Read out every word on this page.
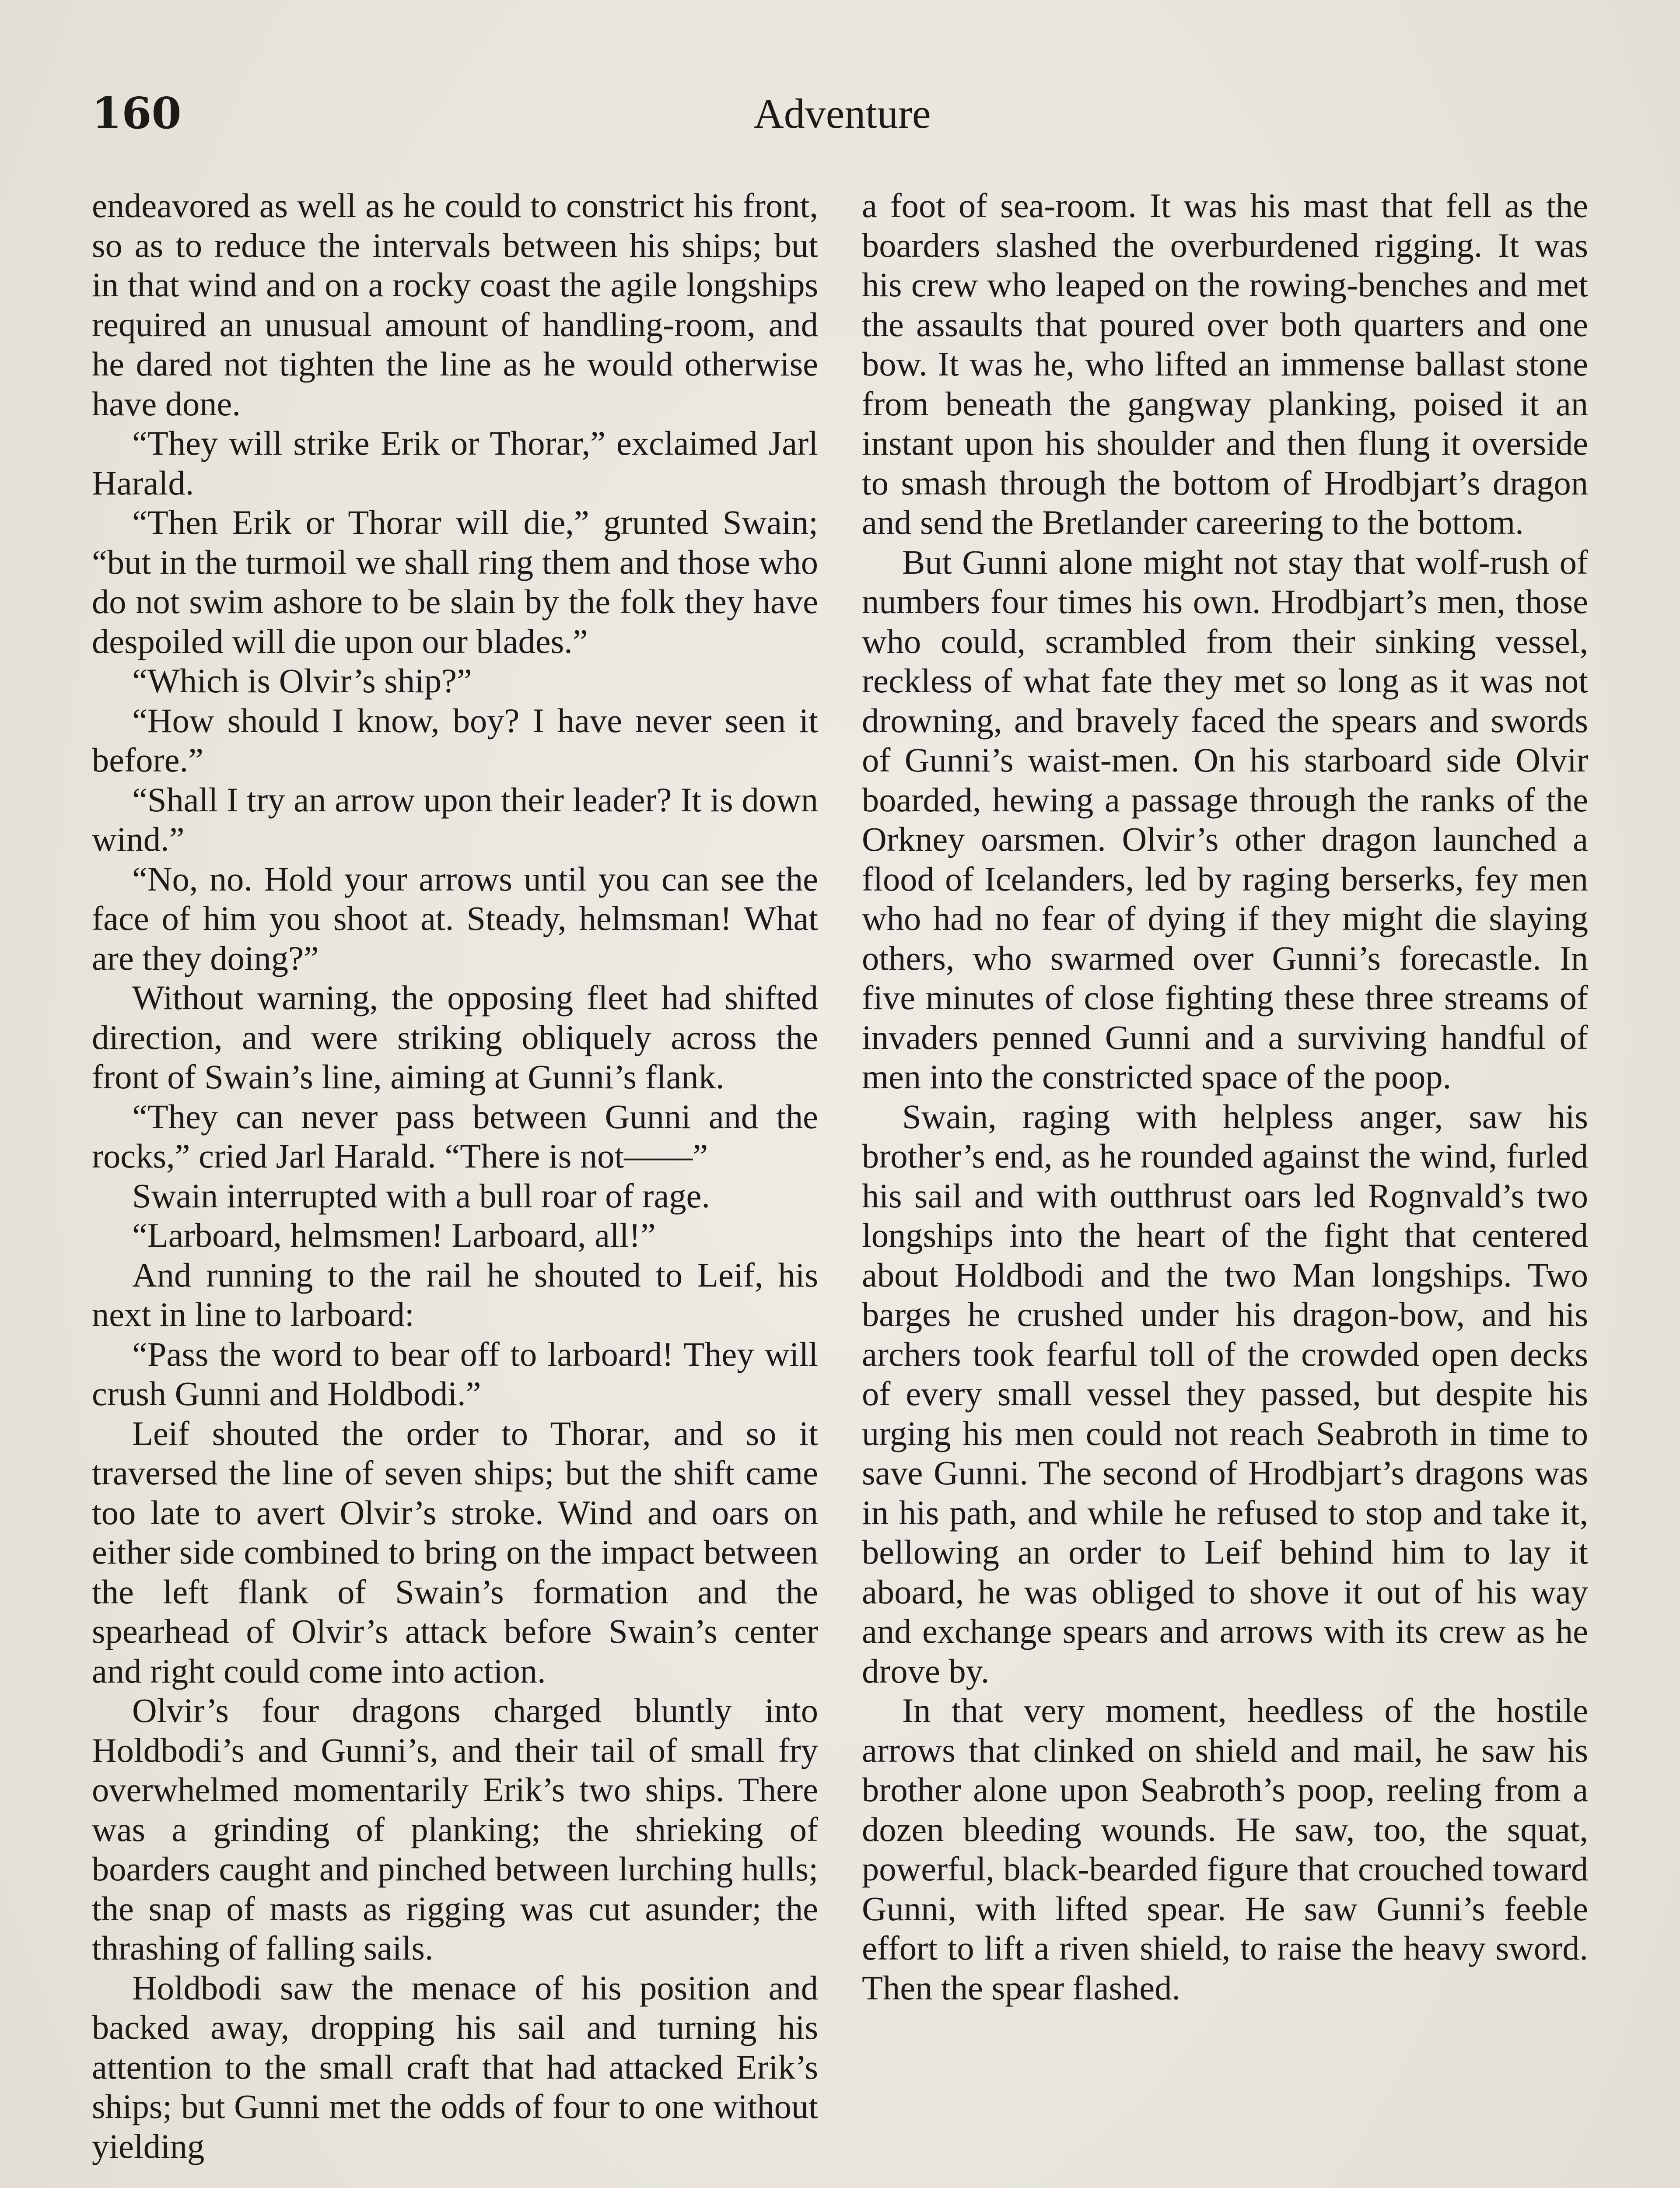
160	Adventure

endeavored as well as he could to constrict his front, so as to reduce the intervals between his ships; but in that wind and on a rocky coast the agile longships required an unusual amount of handling-room, and he dared not tighten the line as he would otherwise have done.

“They will strike Erik or Thorar,” exclaimed Jarl Harald.

“Then Erik or Thorar will die,” grunted Swain; “but in the turmoil we shall ring them and those who do not swim ashore to be slain by the folk they have despoiled will die upon our blades.”

“Which is Olvir’s ship?”

“How should I know, boy? I have never seen it before.”

“Shall I try an arrow upon their leader? It is down wind.”

“No, no. Hold your arrows until you can see the face of him you shoot at. Steady, helmsman! What are they doing?”

Without warning, the opposing fleet had shifted direction, and were striking obliquely across the front of Swain’s line, aiming at Gunni’s flank.

“They can never pass between Gunni and the rocks,” cried Jarl Harald. “There is not——”

Swain interrupted with a bull roar of rage.

“Larboard, helmsmen! Larboard, all!”

And running to the rail he shouted to Leif, his next in line to larboard:

“Pass the word to bear off to larboard! They will crush Gunni and Holdbodi.”

Leif shouted the order to Thorar, and so it traversed the line of seven ships; but the shift came too late to avert Olvir’s stroke. Wind and oars on either side combined to bring on the impact between the left flank of Swain’s formation and the spearhead of Olvir’s attack before Swain’s center and right could come into action.

Olvir’s four dragons charged bluntly into Holdbodi’s and Gunni’s, and their tail of small fry overwhelmed momentarily Erik’s two ships. There was a grinding of planking; the shrieking of boarders caught and pinched between lurching hulls; the snap of masts as rigging was cut asunder; the thrashing of falling sails.

Holdbodi saw the menace of his position and backed away, dropping his sail and turning his attention to the small craft that had attacked Erik’s ships; but Gunni met the odds of four to one without yielding

a foot of sea-room. It was his mast that fell as the boarders slashed the overburdened rigging. It was his crew who leaped on the rowing-benches and met the assaults that poured over both quarters and one bow. It was he, who lifted an immense ballast stone from beneath the gangway planking, poised it an instant upon his shoulder and then flung it overside to smash through the bottom of Hrodbjart’s dragon and send the Bretlander careering to the bottom.

But Gunni alone might not stay that wolf-rush of numbers four times his own. Hrodbjart’s men, those who could, scrambled from their sinking vessel, reckless of what fate they met so long as it was not drowning, and bravely faced the spears and swords of Gunni’s waist-men. On his starboard side Olvir boarded, hewing a passage through the ranks of the Orkney oarsmen. Olvir’s other dragon launched a flood of Icelanders, led by raging berserks, fey men who had no fear of dying if they might die slaying others, who swarmed over Gunni’s forecastle. In five minutes of close fighting these three streams of invaders penned Gunni and a surviving handful of men into the constricted space of the poop.

Swain, raging with helpless anger, saw his brother’s end, as he rounded against the wind, furled his sail and with outthrust oars led Rognvald’s two longships into the heart of the fight that centered about Holdbodi and the two Man longships. Two barges he crushed under his dragon-bow, and his archers took fearful toll of the crowded open decks of every small vessel they passed, but despite his urging his men could not reach Seabroth in time to save Gunni. The second of Hrodbjart’s dragons was in his path, and while he refused to stop and take it, bellowing an order to Leif behind him to lay it aboard, he was obliged to shove it out of his way and exchange spears and arrows with its crew as he drove by.

In that very moment, heedless of the hostile arrows that clinked on shield and mail, he saw his brother alone upon Seabroth’s poop, reeling from a dozen bleeding wounds. He saw, too, the squat, powerful, black-bearded figure that crouched toward Gunni, with lifted spear. He saw Gunni’s feeble effort to lift a riven shield, to raise the heavy sword. Then the spear flashed.
